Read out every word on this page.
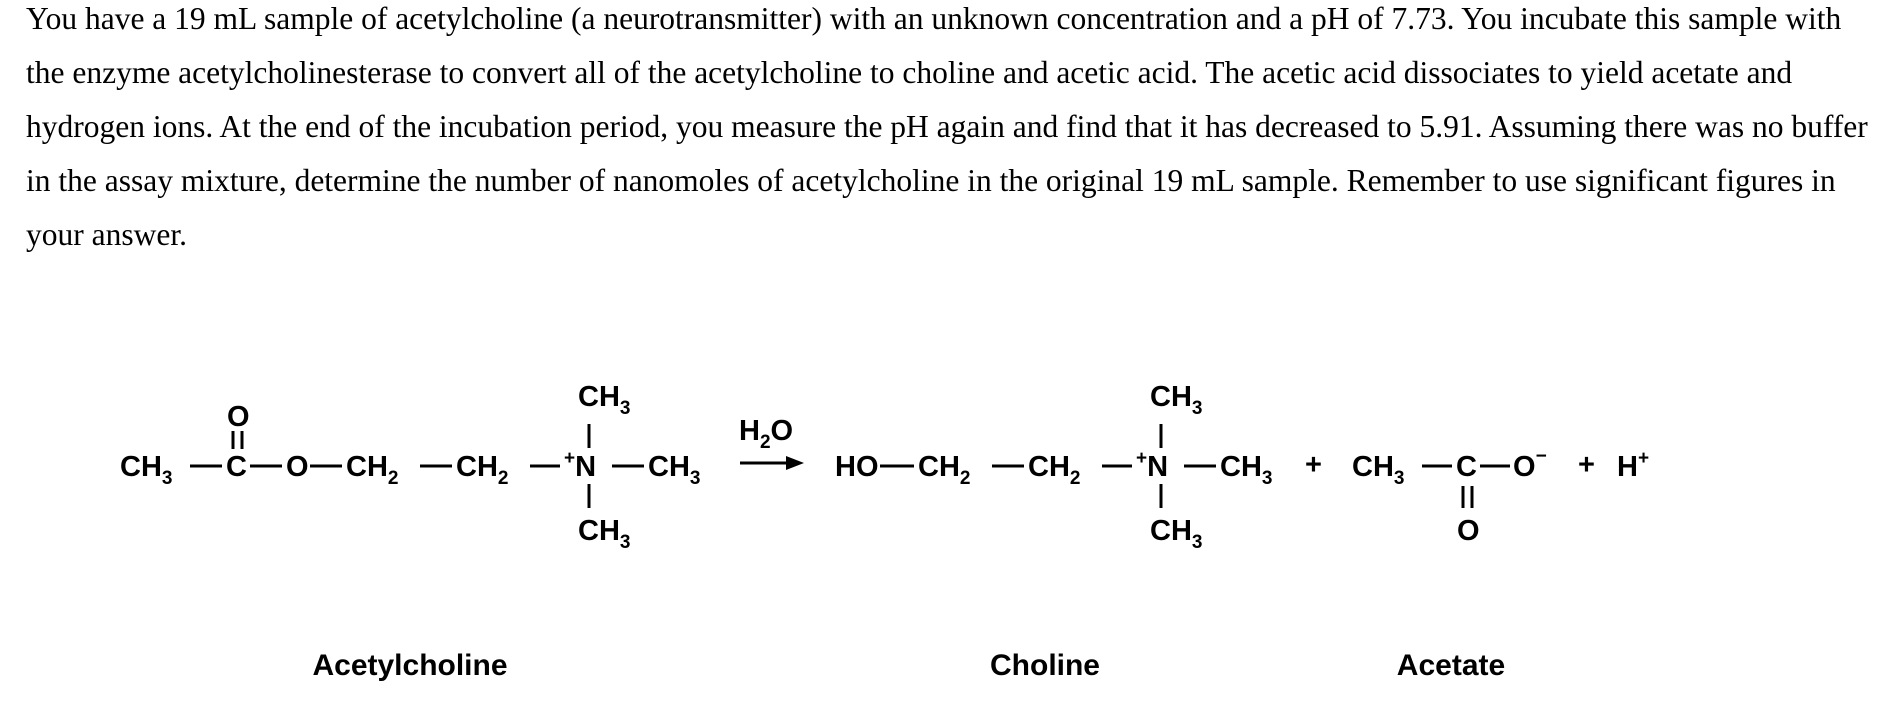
You have a 19 mL sample of acetylcholine (a neurotransmitter) with an unknown concentration and a pH of 7.73. You incubate this sample with the enzyme acetylcholinesterase to convert all of the acetylcholine to choline and acetic acid. The acetic acid dissociates to yield acetate and hydrogen ions. At the end of the incubation period, you measure the pH again and find that it has decreased to 5.91. Assuming there was no buffer in the assay mixture, determine the number of nanomoles of acetylcholine in the original 19 mL sample. Remember to use significant figures in your answer.

$CH_3$ C
O
O $CH_2$ $CH_2$
+N
$CH_3$
$CH_3$
$CH_3$
$H_2O$
HO $CH_2$ $CH_2$
+N
$CH_3$
$CH_3$
$CH_3 + CH_3$ C
O
O− + H+
Acetylcholine	Choline	Acetate
